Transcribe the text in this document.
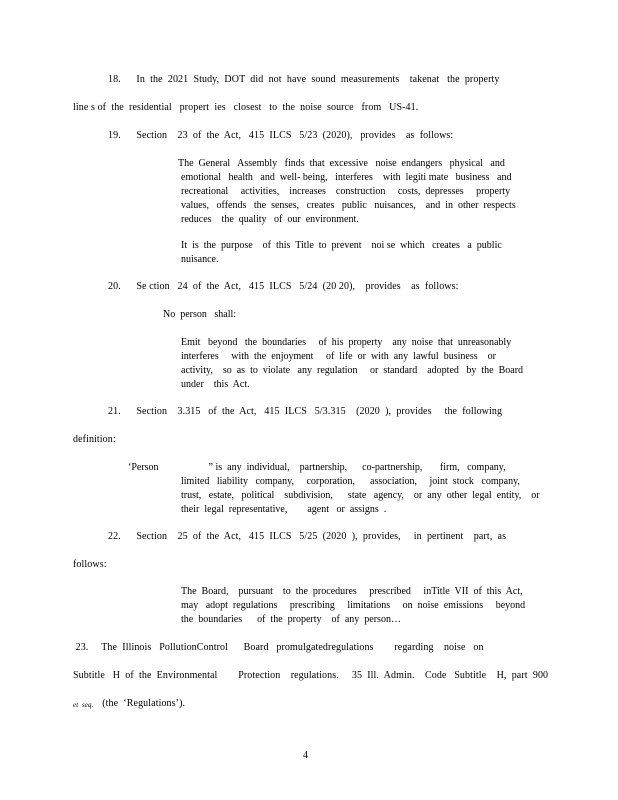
18.      In  the  2021  Study,  DOT  did  not  have  sound  measurements    takenat   the  property
line s of  the  residential   propert  ies   closest   to  the  noise  source   from   US-41.
19.      Section    23  of  the  Act,   415  ILCS   5/23  (2020),   provides    as  follows:
The  General   Assembly   finds  that  excessive   noise  endangers   physical   and
emotional   health   and  well- being,   interferes    with  legiti mate   business   and
recreational     activities,    increases    construction     costs,  depresses     property
values,   offends   the  senses,   creates   public   nuisances,    and  in  other  respects
reduces    the  quality   of  our  environment.
It  is  the  purpose    of  this  Title  to  prevent    noi se  which   creates   a  public
nuisance.
20.      Se ction   24  of  the  Act,   415  ILCS   5/24  (20 20),    provides    as  follows:
No  person   shall:
Emit   beyond   the  boundaries     of  his  property    any  noise  that  unreasonably
interferes     with  the  enjoyment     of  life  or  with  any  lawful  business    or
activity,    so  as  to  violate   any  regulation     or  standard    adopted   by  the  Board
under    this  Act.
21.      Section    3.315   of  the  Act,   415  ILCS   5/3.315    (2020  ),  provides     the  following
definition:
‘Person                    ” is  any  individual,    partnership,      co-partnership,       firm,   company,
limited   liability   company,     corporation,      association,     joint  stock   company,
trust,   estate,   political    subdivision,      state   agency,    or  any  other  legal  entity,    or
their  legal  representative,        agent   or  assigns  .
22.      Section    25  of  the  Act,   415  ILCS   5/25  (2020  ),  provides,     in  pertinent    part,  as
follows:
The  Board,    pursuant    to  the  procedures     prescribed     inTitle  VII  of  this  Act,
may   adopt  regulations     prescribing     limitations     on  noise  emissions     beyond
the  boundaries      of  the  property    of  any  person…
23.     The  Illinois   PollutionControl      Board   promulgatedregulations        regarding    noise   on
Subtitle   H  of  the  Environmental        Protection    regulations.     35  Ill.  Admin.    Code   Subtitle    H,  part  900
et  seq. (the  ‘Regulations’).
4
